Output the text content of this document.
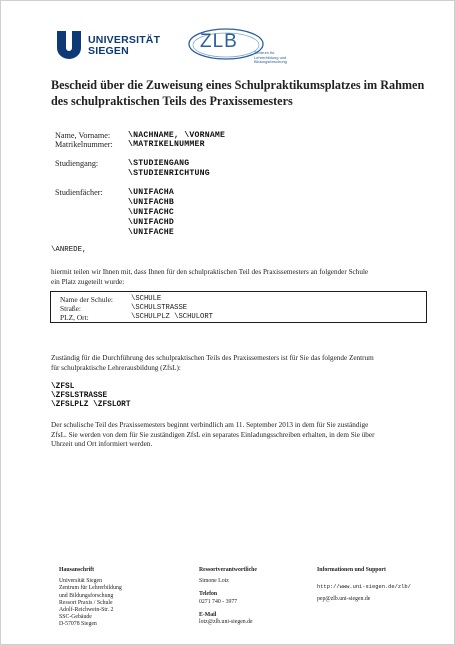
UNIVERSITÄT
SIEGEN	ZLB
Zentrum für
Lehrerbildung und
Bildungsforschung
Bescheid über die Zuweisung eines Schulpraktikumsplatzes im Rahmen
des schulpraktischen Teils des Praxissemesters
Name, Vorname:	\NACHNAME, \VORNAME
Matrikelnummer:	\MATRIKELNUMMER
Studiengang:	\STUDIENGANG
\STUDIENRICHTUNG
Studienfächer:	\UNIFACHA
\UNIFACHB
\UNIFACHC
\UNIFACHD
\UNIFACHE
\ANREDE,
hiermit teilen wir Ihnen mit, dass Ihnen für den schulpraktischen Teil des Praxissemesters an folgender Schule
ein Platz zugeteilt wurde:
Name der Schule:	\SCHULE
Straße:	\SCHULSTRASSE
PLZ, Ort:	\SCHULPLZ \SCHULORT
Zuständig für die Durchführung des schulpraktischen Teils des Praxissemesters ist für Sie das folgende Zentrum
für schulpraktische Lehrerausbildung (ZfsL):
\ZFSL
\ZFSLSTRASSE
\ZFSLPLZ \ZFSLORT
Der schulische Teil des Praxissemesters beginnt verbindlich am 11. September 2013 in dem für Sie zuständige
ZfsL. Sie werden von dem für Sie zuständigen ZfsL ein separates Einladungsschreiben erhalten, in dem Sie über
Uhrzeit und Ort informiert werden.
Hausanschrift
Universität Siegen
Zentrum für Lehrerbildung
und Bildungsforschung
Ressort Praxis / Schule
Adolf-Reichwein-Str. 2
SSC-Gebäude
D-57078 Siegen
Ressortverantwortliche
Simone Lotz
Telefon
0271 740 - 3977
E-Mail
lotz@zlb.uni-siegen.de
Informationen und Support
http://www.uni-siegen.de/zlb/
pep@zlb.uni-siegen.de
